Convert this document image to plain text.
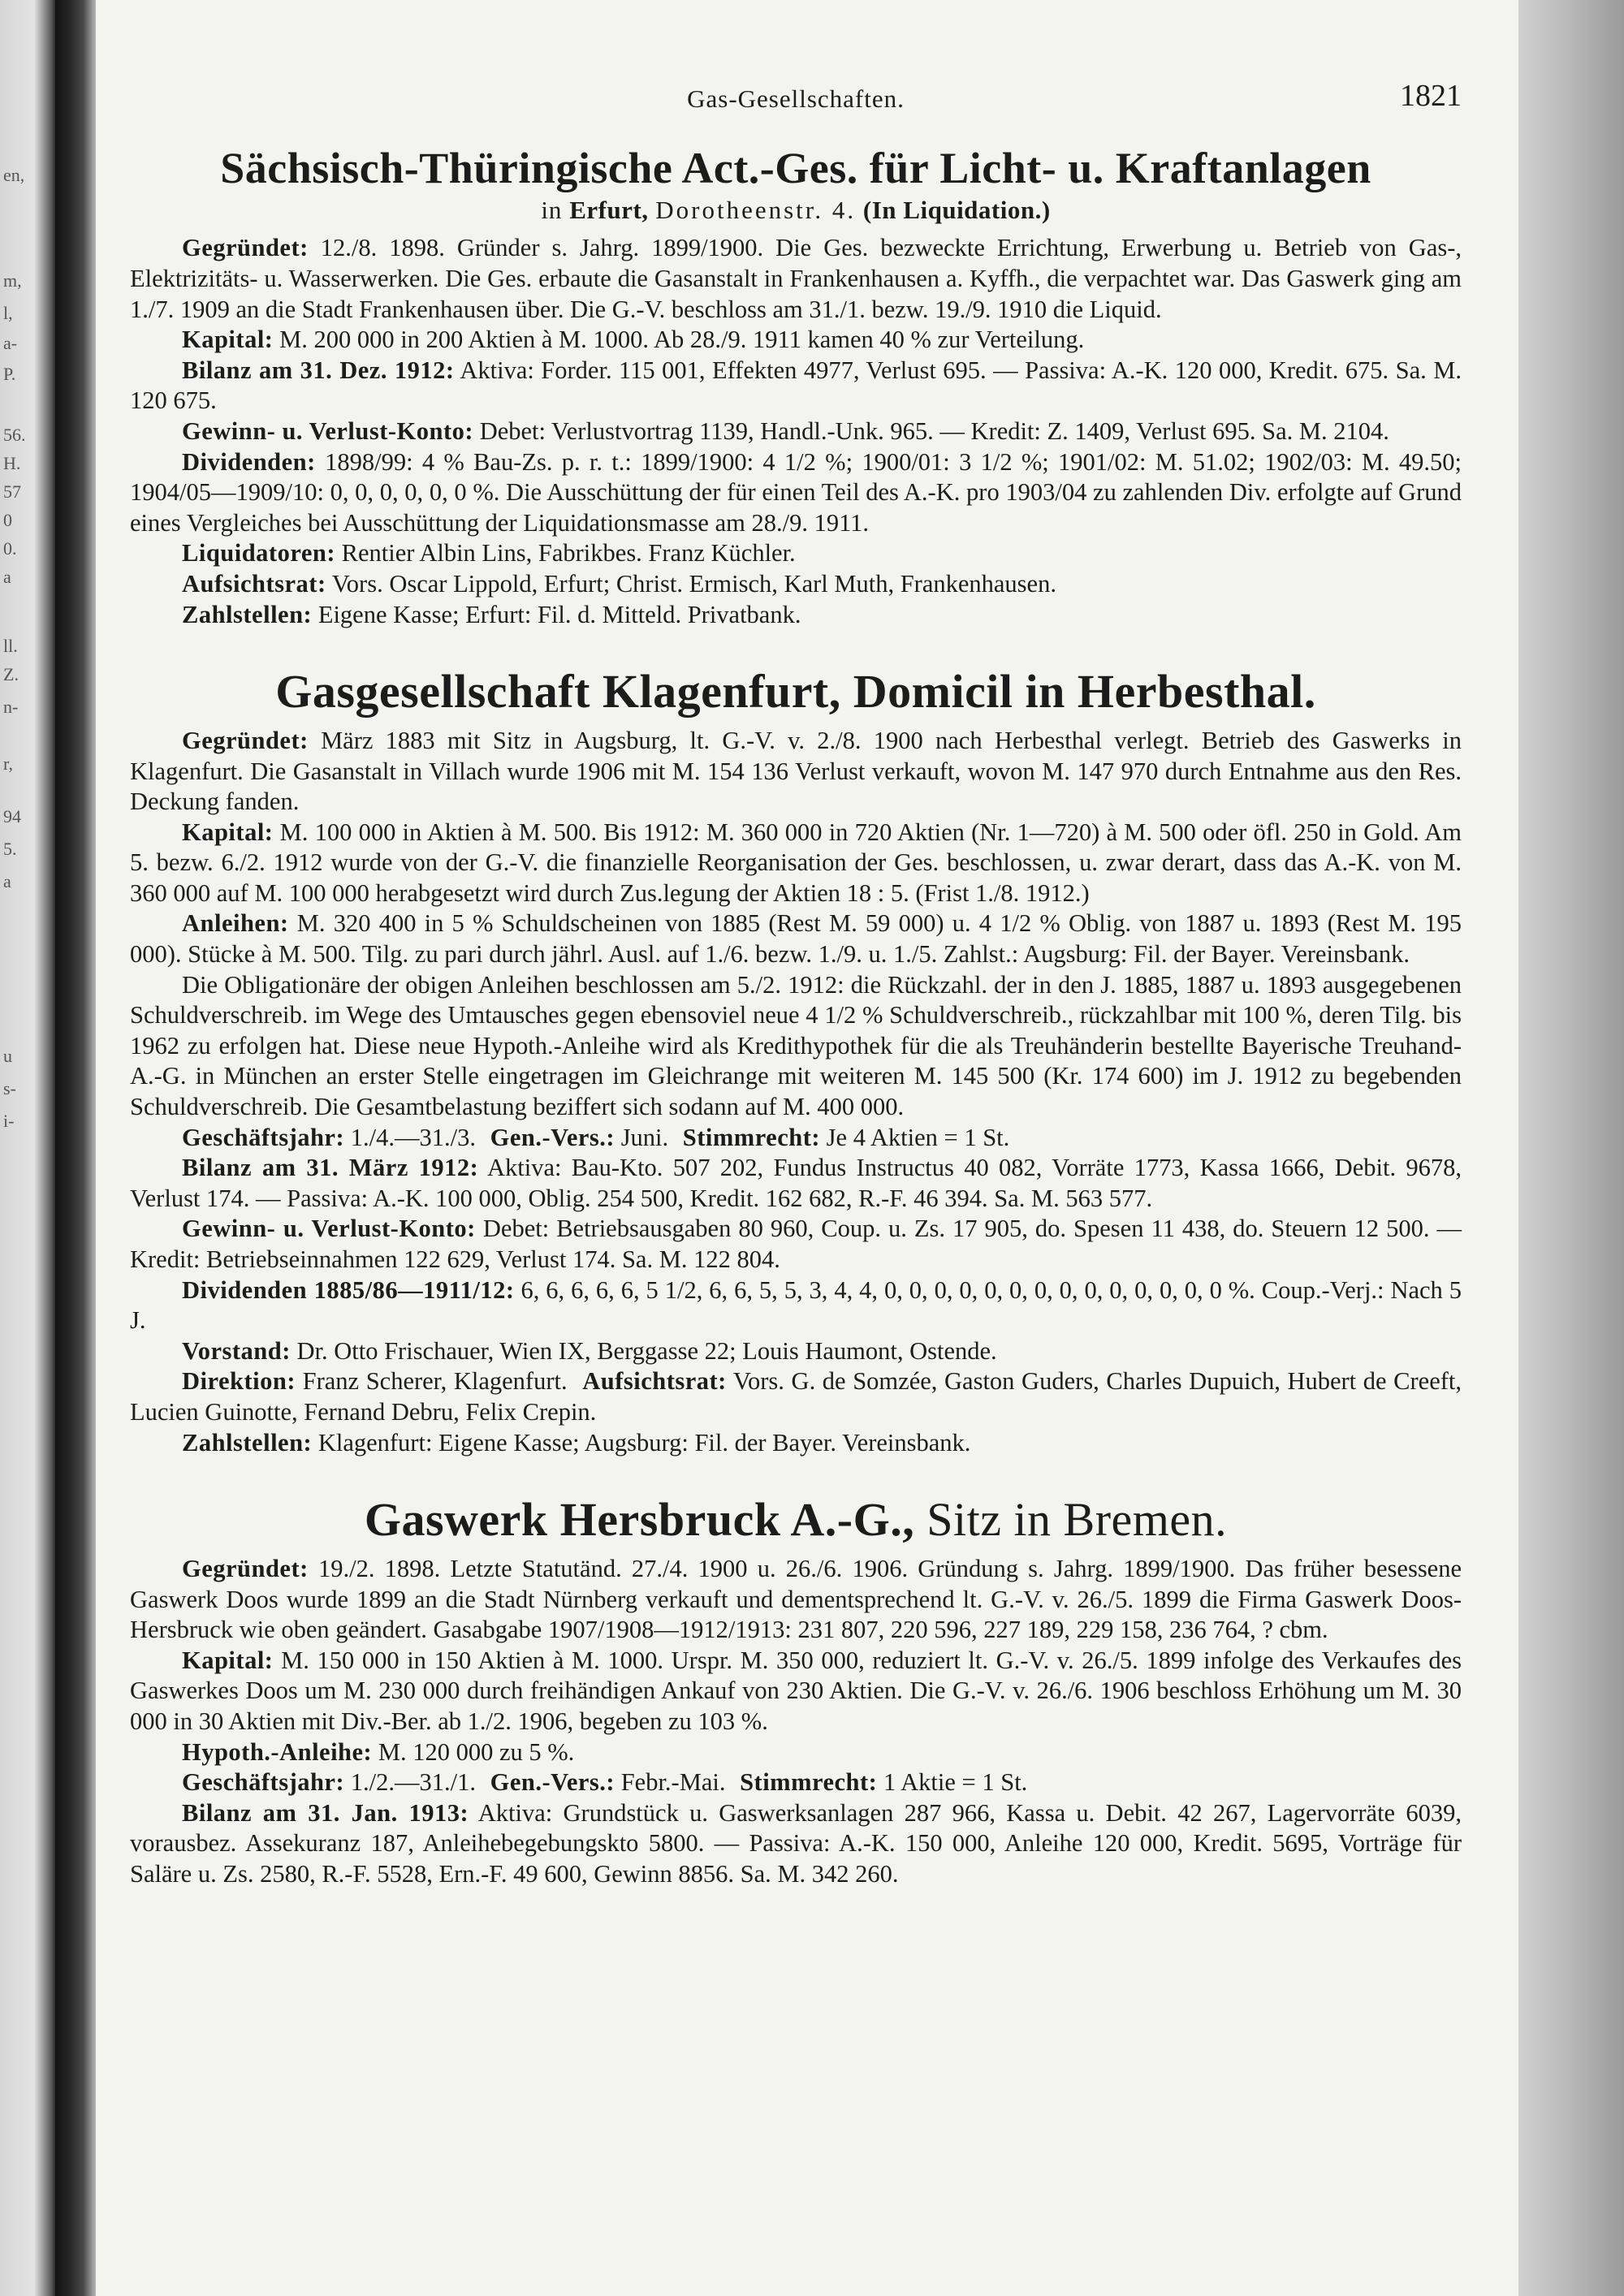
en,
m,
l,
a-
P.
56.
H.
57
0
0.
a
ll.
Z.
n-
r,
94
5.
a
u
s-
i-
Gas-Gesellschaften.	1821
Sächsisch-Thüringische Act.-Ges. für Licht- u. Kraftanlagen
in Erfurt, Dorotheenstr. 4. (In Liquidation.)

Gegründet: 12./8. 1898. Gründer s. Jahrg. 1899/1900. Die Ges. bezweckte Errichtung, Erwerbung u. Betrieb von Gas-, Elektrizitäts- u. Wasserwerken. Die Ges. erbaute die Gasanstalt in Frankenhausen a. Kyffh., die verpachtet war. Das Gaswerk ging am 1./7. 1909 an die Stadt Frankenhausen über. Die G.-V. beschloss am 31./1. bezw. 19./9. 1910 die Liquid.

Kapital: M. 200 000 in 200 Aktien à M. 1000. Ab 28./9. 1911 kamen 40 % zur Verteilung.

Bilanz am 31. Dez. 1912: Aktiva: Forder. 115 001, Effekten 4977, Verlust 695. — Passiva: A.-K. 120 000, Kredit. 675. Sa. M. 120 675.

Gewinn- u. Verlust-Konto: Debet: Verlustvortrag 1139, Handl.-Unk. 965. — Kredit: Z. 1409, Verlust 695. Sa. M. 2104.

Dividenden: 1898/99: 4 % Bau-Zs. p. r. t.: 1899/1900: 4 1/2 %; 1900/01: 3 1/2 %; 1901/02: M. 51.02; 1902/03: M. 49.50; 1904/05—1909/10: 0, 0, 0, 0, 0, 0 %. Die Ausschüttung der für einen Teil des A.-K. pro 1903/04 zu zahlenden Div. erfolgte auf Grund eines Vergleiches bei Ausschüttung der Liquidationsmasse am 28./9. 1911.

Liquidatoren: Rentier Albin Lins, Fabrikbes. Franz Küchler.

Aufsichtsrat: Vors. Oscar Lippold, Erfurt; Christ. Ermisch, Karl Muth, Frankenhausen.

Zahlstellen: Eigene Kasse; Erfurt: Fil. d. Mitteld. Privatbank.

Gasgesellschaft Klagenfurt, Domicil in Herbesthal.

Gegründet: März 1883 mit Sitz in Augsburg, lt. G.-V. v. 2./8. 1900 nach Herbesthal verlegt. Betrieb des Gaswerks in Klagenfurt. Die Gasanstalt in Villach wurde 1906 mit M. 154 136 Verlust verkauft, wovon M. 147 970 durch Entnahme aus den Res. Deckung fanden.

Kapital: M. 100 000 in Aktien à M. 500. Bis 1912: M. 360 000 in 720 Aktien (Nr. 1—720) à M. 500 oder öfl. 250 in Gold. Am 5. bezw. 6./2. 1912 wurde von der G.-V. die finanzielle Reorganisation der Ges. beschlossen, u. zwar derart, dass das A.-K. von M. 360 000 auf M. 100 000 herabgesetzt wird durch Zus.legung der Aktien 18 : 5. (Frist 1./8. 1912.)

Anleihen: M. 320 400 in 5 % Schuldscheinen von 1885 (Rest M. 59 000) u. 4 1/2 % Oblig. von 1887 u. 1893 (Rest M. 195 000). Stücke à M. 500. Tilg. zu pari durch jährl. Ausl. auf 1./6. bezw. 1./9. u. 1./5. Zahlst.: Augsburg: Fil. der Bayer. Vereinsbank.

Die Obligationäre der obigen Anleihen beschlossen am 5./2. 1912: die Rückzahl. der in den J. 1885, 1887 u. 1893 ausgegebenen Schuldverschreib. im Wege des Umtausches gegen ebensoviel neue 4 1/2 % Schuldverschreib., rückzahlbar mit 100 %, deren Tilg. bis 1962 zu erfolgen hat. Diese neue Hypoth.-Anleihe wird als Kredithypothek für die als Treuhänderin bestellte Bayerische Treuhand-A.-G. in München an erster Stelle eingetragen im Gleichrange mit weiteren M. 145 500 (Kr. 174 600) im J. 1912 zu begebenden Schuldverschreib. Die Gesamtbelastung beziffert sich sodann auf M. 400 000.

Geschäftsjahr: 1./4.—31./3. Gen.-Vers.: Juni. Stimmrecht: Je 4 Aktien = 1 St.

Bilanz am 31. März 1912: Aktiva: Bau-Kto. 507 202, Fundus Instructus 40 082, Vorräte 1773, Kassa 1666, Debit. 9678, Verlust 174. — Passiva: A.-K. 100 000, Oblig. 254 500, Kredit. 162 682, R.-F. 46 394. Sa. M. 563 577.

Gewinn- u. Verlust-Konto: Debet: Betriebsausgaben 80 960, Coup. u. Zs. 17 905, do. Spesen 11 438, do. Steuern 12 500. — Kredit: Betriebseinnahmen 122 629, Verlust 174. Sa. M. 122 804.

Dividenden 1885/86—1911/12: 6, 6, 6, 6, 6, 5 1/2, 6, 6, 5, 5, 3, 4, 4, 0, 0, 0, 0, 0, 0, 0, 0, 0, 0, 0, 0, 0, 0 %. Coup.-Verj.: Nach 5 J.

Vorstand: Dr. Otto Frischauer, Wien IX, Berggasse 22; Louis Haumont, Ostende.

Direktion: Franz Scherer, Klagenfurt. Aufsichtsrat: Vors. G. de Somzée, Gaston Guders, Charles Dupuich, Hubert de Creeft, Lucien Guinotte, Fernand Debru, Felix Crepin.

Zahlstellen: Klagenfurt: Eigene Kasse; Augsburg: Fil. der Bayer. Vereinsbank.

Gaswerk Hersbruck A.-G., Sitz in Bremen.

Gegründet: 19./2. 1898. Letzte Statutänd. 27./4. 1900 u. 26./6. 1906. Gründung s. Jahrg. 1899/1900. Das früher besessene Gaswerk Doos wurde 1899 an die Stadt Nürnberg verkauft und dementsprechend lt. G.-V. v. 26./5. 1899 die Firma Gaswerk Doos-Hersbruck wie oben geändert. Gasabgabe 1907/1908—1912/1913: 231 807, 220 596, 227 189, 229 158, 236 764, ? cbm.

Kapital: M. 150 000 in 150 Aktien à M. 1000. Urspr. M. 350 000, reduziert lt. G.-V. v. 26./5. 1899 infolge des Verkaufes des Gaswerkes Doos um M. 230 000 durch freihändigen Ankauf von 230 Aktien. Die G.-V. v. 26./6. 1906 beschloss Erhöhung um M. 30 000 in 30 Aktien mit Div.-Ber. ab 1./2. 1906, begeben zu 103 %.

Hypoth.-Anleihe: M. 120 000 zu 5 %.

Geschäftsjahr: 1./2.—31./1. Gen.-Vers.: Febr.-Mai. Stimmrecht: 1 Aktie = 1 St.

Bilanz am 31. Jan. 1913: Aktiva: Grundstück u. Gaswerksanlagen 287 966, Kassa u. Debit. 42 267, Lagervorräte 6039, vorausbez. Assekuranz 187, Anleihebegebungskto 5800. — Passiva: A.-K. 150 000, Anleihe 120 000, Kredit. 5695, Vorträge für Saläre u. Zs. 2580, R.-F. 5528, Ern.-F. 49 600, Gewinn 8856. Sa. M. 342 260.
